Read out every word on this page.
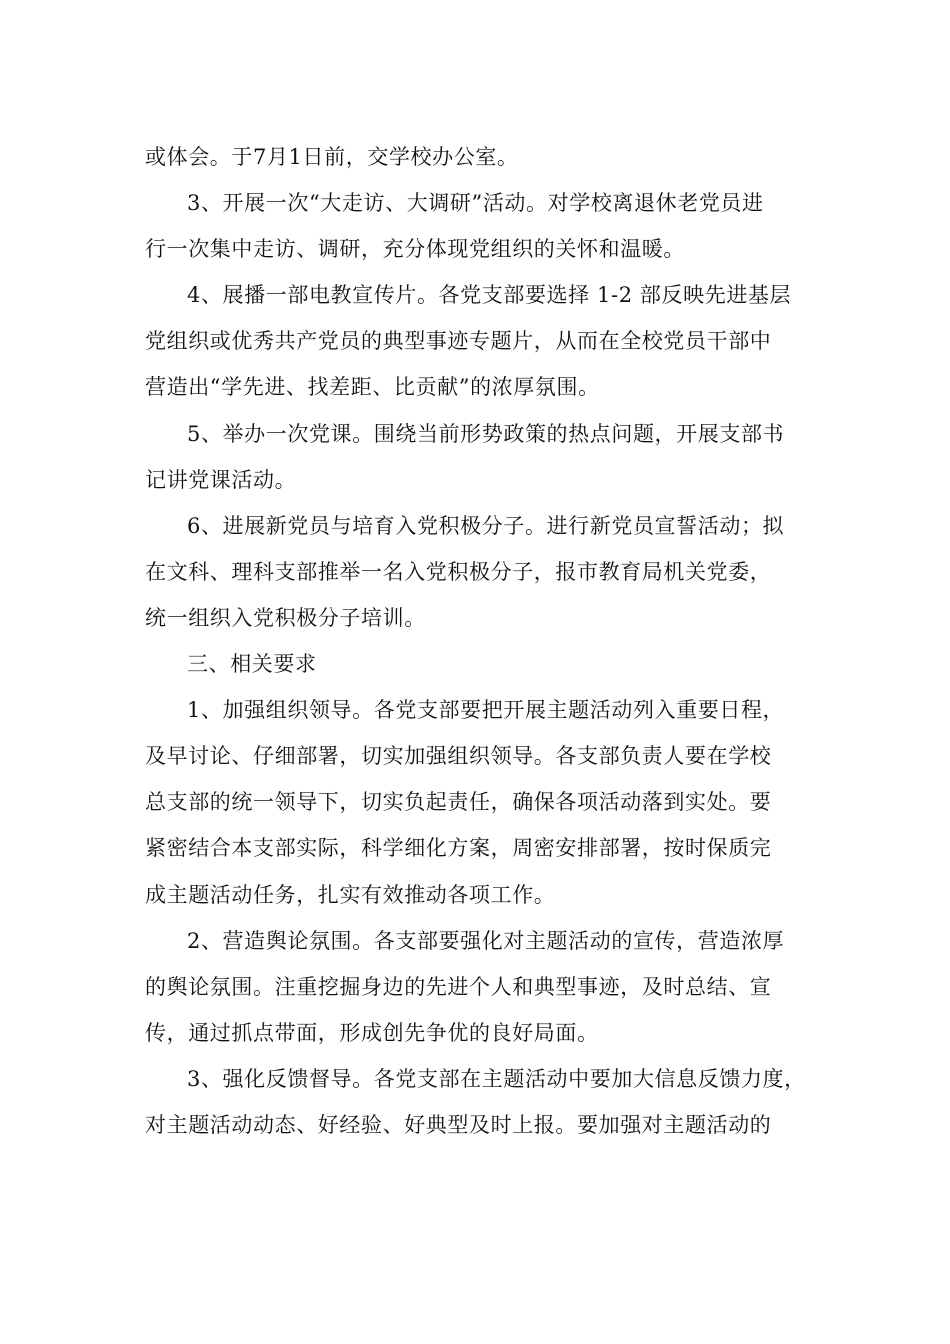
或体会。于7月1日前，交学校办公室。
3、开展一次“大走访、大调研”活动。对学校离退休老党员进
行一次集中走访、调研，充分体现党组织的关怀和温暖。
4、展播一部电教宣传片。各党支部要选择 1-2 部反映先进基层
党组织或优秀共产党员的典型事迹专题片，从而在全校党员干部中
营造出“学先进、找差距、比贡献”的浓厚氛围。
5、举办一次党课。围绕当前形势政策的热点问题，开展支部书
记讲党课活动。
6、进展新党员与培育入党积极分子。进行新党员宣誓活动；拟
在文科、理科支部推举一名入党积极分子，报市教育局机关党委，
统一组织入党积极分子培训。
三、相关要求
1、加强组织领导。各党支部要把开展主题活动列入重要日程，
及早讨论、仔细部署，切实加强组织领导。各支部负责人要在学校
总支部的统一领导下，切实负起责任，确保各项活动落到实处。要
紧密结合本支部实际，科学细化方案，周密安排部署，按时保质完
成主题活动任务，扎实有效推动各项工作。
2、营造舆论氛围。各支部要强化对主题活动的宣传，营造浓厚
的舆论氛围。注重挖掘身边的先进个人和典型事迹，及时总结、宣
传，通过抓点带面，形成创先争优的良好局面。
3、强化反馈督导。各党支部在主题活动中要加大信息反馈力度，
对主题活动动态、好经验、好典型及时上报。要加强对主题活动的
